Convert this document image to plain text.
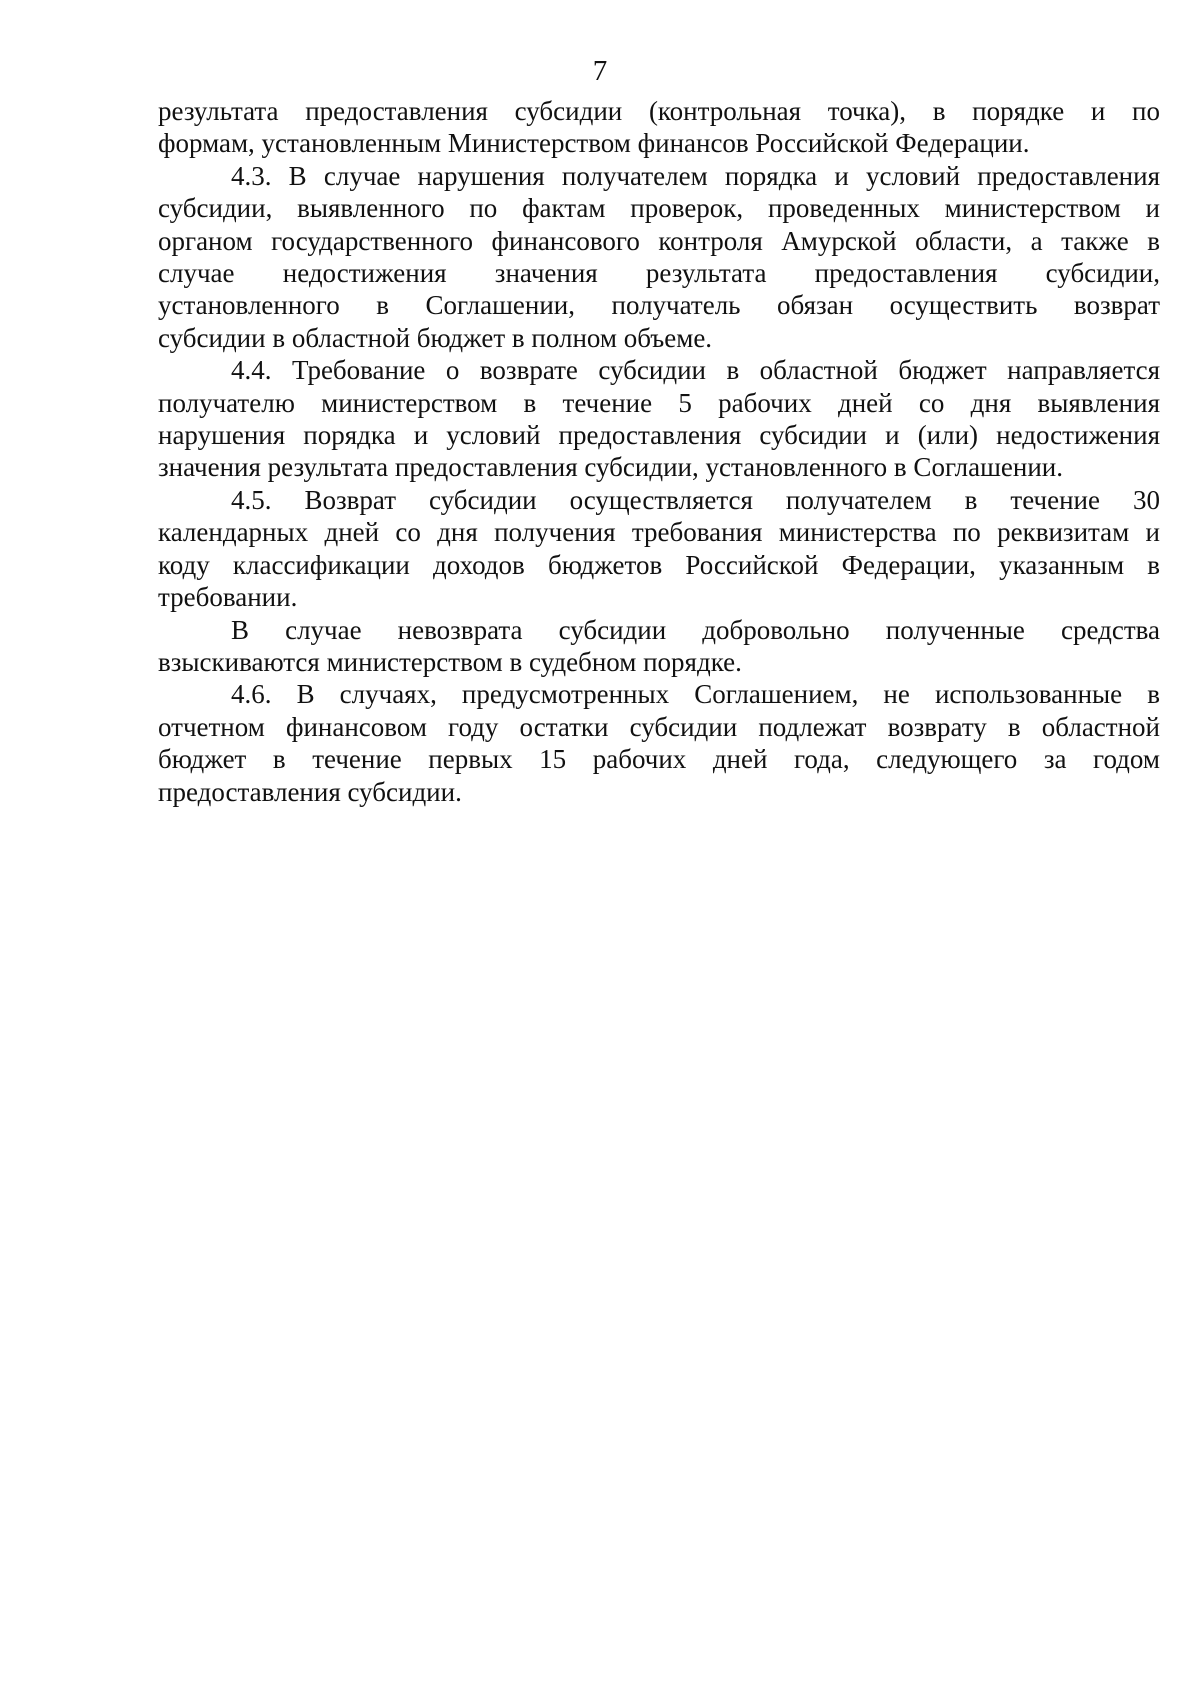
7
результата предоставления субсидии (контрольная точка), в порядке и по
формам, установленным Министерством финансов Российской Федерации.
4.3. В случае нарушения получателем порядка и условий предоставления
субсидии, выявленного по фактам проверок, проведенных министерством и
органом государственного финансового контроля Амурской области, а также в
случае недостижения значения результата предоставления субсидии,
установленного в Соглашении, получатель обязан осуществить возврат
субсидии в областной бюджет в полном объеме.
4.4. Требование о возврате субсидии в областной бюджет направляется
получателю министерством в течение 5 рабочих дней со дня выявления
нарушения порядка и условий предоставления субсидии и (или) недостижения
значения результата предоставления субсидии, установленного в Соглашении.
4.5. Возврат субсидии осуществляется получателем в течение 30
календарных дней со дня получения требования министерства по реквизитам и
коду классификации доходов бюджетов Российской Федерации, указанным в
требовании.
В случае невозврата субсидии добровольно полученные средства
взыскиваются министерством в судебном порядке.
4.6. В случаях, предусмотренных Соглашением, не использованные в
отчетном финансовом году остатки субсидии подлежат возврату в областной
бюджет в течение первых 15 рабочих дней года, следующего за годом
предоставления субсидии.
